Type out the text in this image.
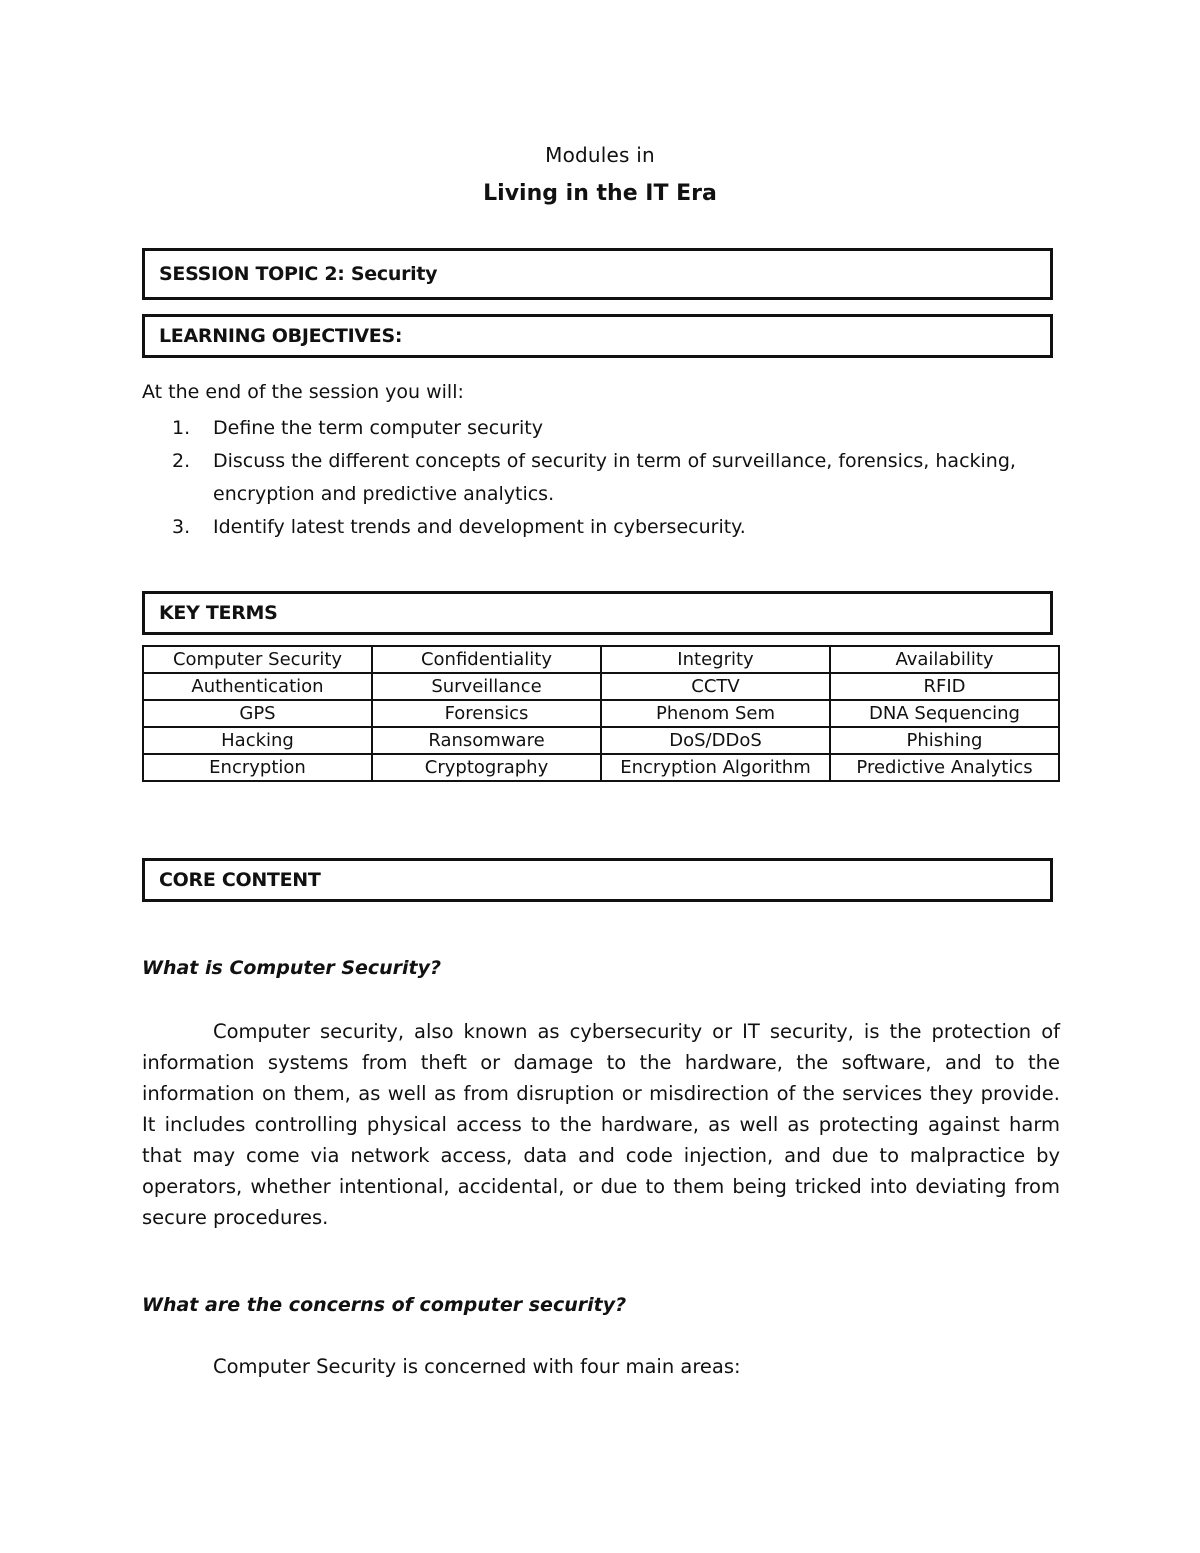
Modules in
Living in the IT Era
SESSION TOPIC 2: Security
LEARNING OBJECTIVES:
At the end of the session you will:
1.	Define the term computer security
2.	Discuss the different concepts of security in term of surveillance, forensics, hacking, encryption and predictive analytics.
3.	Identify latest trends and development in cybersecurity.
KEY TERMS
Computer Security	Confidentiality	Integrity	Availability
Authentication	Surveillance	CCTV	RFID
GPS	Forensics	Phenom Sem	DNA Sequencing
Hacking	Ransomware	DoS/DDoS	Phishing
Encryption	Cryptography	Encryption Algorithm	Predictive Analytics
CORE CONTENT
What is Computer Security?

Computer security, also known as cybersecurity or IT security, is the protection of information systems from theft or damage to the hardware, the software, and to the information on them, as well as from disruption or misdirection of the services they provide. It includes controlling physical access to the hardware, as well as protecting against harm that may come via network access, data and code injection, and due to malpractice by operators, whether intentional, accidental, or due to them being tricked into deviating from secure procedures.

What are the concerns of computer security?
Computer Security is concerned with four main areas:
